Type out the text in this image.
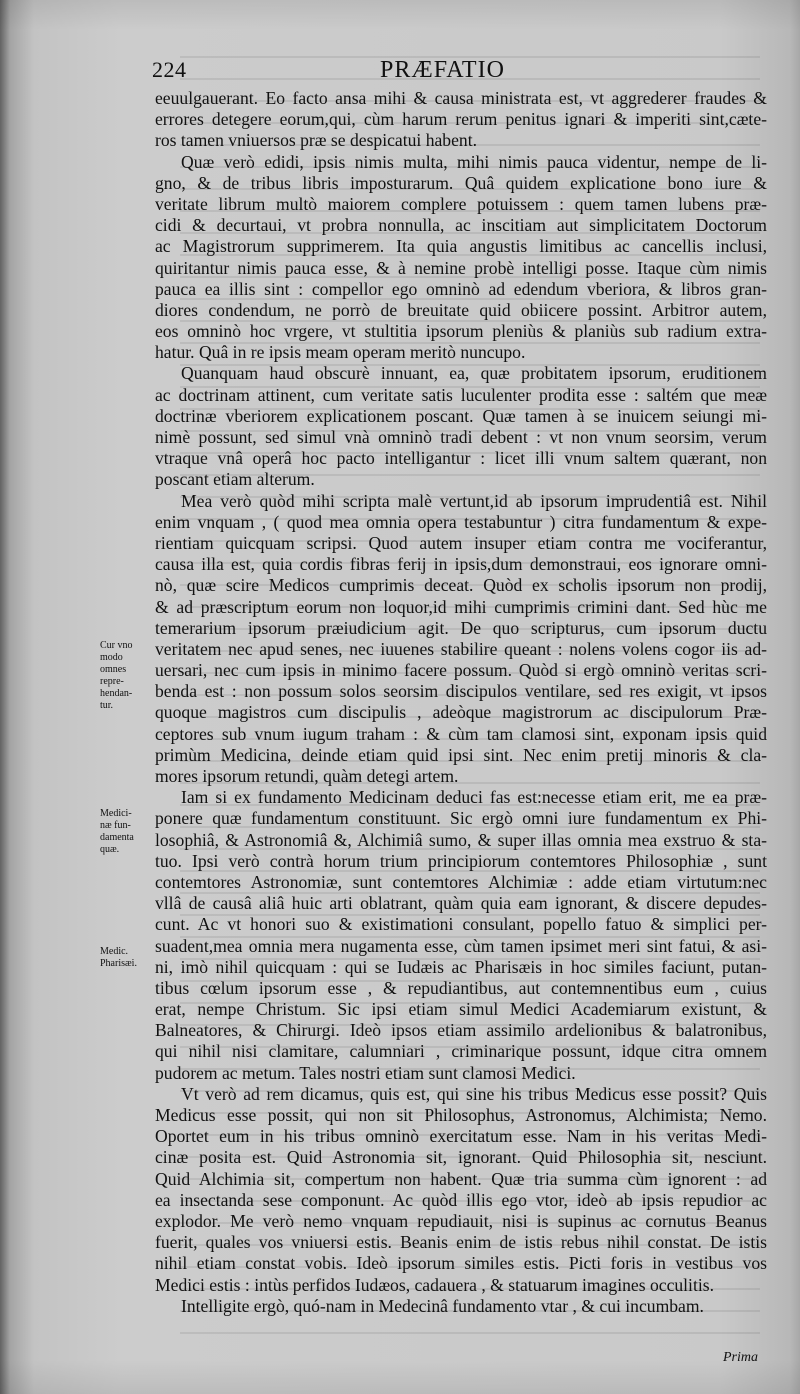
224	PRÆFATIO
eeuulgauerant. Eo facto ansa mihi & causa ministrata est, vt aggrederer fraudes &
errores detegere eorum,qui, cùm harum rerum penitus ignari & imperiti sint,cæte-
ros tamen vniuersos præ se despicatui habent.
Quæ verò edidi, ipsis nimis multa, mihi nimis pauca videntur, nempe de li-
gno, & de tribus libris imposturarum. Quâ quidem explicatione bono iure &
veritate librum multò maiorem complere potuissem : quem tamen lubens præ-
cidi & decurtaui, vt probra nonnulla, ac inscitiam aut simplicitatem Doctorum
ac Magistrorum supprimerem. Ita quia angustis limitibus ac cancellis inclusi,
quiritantur nimis pauca esse, & à nemine probè intelligi posse. Itaque cùm nimis
pauca ea illis sint : compellor ego omninò ad edendum vberiora, & libros gran-
diores condendum, ne porrò de breuitate quid obiicere possint. Arbitror autem,
eos omninò hoc vrgere, vt stultitia ipsorum pleniùs & planiùs sub radium extra-
hatur. Quâ in re ipsis meam operam meritò nuncupo.
Quanquam haud obscurè innuant, ea, quæ probitatem ipsorum, eruditionem
ac doctrinam attinent, cum veritate satis luculenter prodita esse : saltém que meæ
doctrinæ vberiorem explicationem poscant. Quæ tamen à se inuicem seiungi mi-
nimè possunt, sed simul vnà omninò tradi debent : vt non vnum seorsim, verum
vtraque vnâ operâ hoc pacto intelligantur : licet illi vnum saltem quærant, non
poscant etiam alterum.
Mea verò quòd mihi scripta malè vertunt,id ab ipsorum imprudentiâ est. Nihil
enim vnquam , ( quod mea omnia opera testabuntur ) citra fundamentum & expe-
rientiam quicquam scripsi. Quod autem insuper etiam contra me vociferantur,
causa illa est, quia cordis fibras ferij in ipsis,dum demonstraui, eos ignorare omni-
nò, quæ scire Medicos cumprimis deceat. Quòd ex scholis ipsorum non prodij,
& ad præscriptum eorum non loquor,id mihi cumprimis crimini dant. Sed hùc me
temerarium ipsorum præiudicium agit. De quo scripturus, cum ipsorum ductu
veritatem nec apud senes, nec iuuenes stabilire queant : nolens volens cogor iis ad-
uersari, nec cum ipsis in minimo facere possum. Quòd si ergò omninò veritas scri-
benda est : non possum solos seorsim discipulos ventilare, sed res exigit, vt ipsos
quoque magistros cum discipulis , adeòque magistrorum ac discipulorum Præ-
ceptores sub vnum iugum traham : & cùm tam clamosi sint, exponam ipsis quid
primùm Medicina, deinde etiam quid ipsi sint. Nec enim pretij minoris & cla-
mores ipsorum retundi, quàm detegi artem.
Iam si ex fundamento Medicinam deduci fas est:necesse etiam erit, me ea præ-
ponere quæ fundamentum constituunt. Sic ergò omni iure fundamentum ex Phi-
losophiâ, & Astronomiâ &, Alchimiâ sumo, & super illas omnia mea exstruo & sta-
tuo. Ipsi verò contrà horum trium principiorum contemtores Philosophiæ , sunt
contemtores Astronomiæ, sunt contemtores Alchimiæ : adde etiam virtutum:nec
vllâ de causâ aliâ huic arti oblatrant, quàm quia eam ignorant, & discere depudes-
cunt. Ac vt honori suo & existimationi consulant, popello fatuo & simplici per-
suadent,mea omnia mera nugamenta esse, cùm tamen ipsimet meri sint fatui, & asi-
ni, imò nihil quicquam : qui se Iudæis ac Pharisæis in hoc similes faciunt, putan-
tibus cœlum ipsorum esse , & repudiantibus, aut contemnentibus eum , cuius
erat, nempe Christum. Sic ipsi etiam simul Medici Academiarum existunt, &
Balneatores, & Chirurgi. Ideò ipsos etiam assimilo ardelionibus & balatronibus,
qui nihil nisi clamitare, calumniari , criminarique possunt, idque citra omnem
pudorem ac metum. Tales nostri etiam sunt clamosi Medici.
Vt verò ad rem dicamus, quis est, qui sine his tribus Medicus esse possit? Quis
Medicus esse possit, qui non sit Philosophus, Astronomus, Alchimista; Nemo.
Oportet eum in his tribus omninò exercitatum esse. Nam in his veritas Medi-
cinæ posita est. Quid Astronomia sit, ignorant. Quid Philosophia sit, nesciunt.
Quid Alchimia sit, compertum non habent. Quæ tria summa cùm ignorent : ad
ea insectanda sese componunt. Ac quòd illis ego vtor, ideò ab ipsis repudior ac
explodor. Me verò nemo vnquam repudiauit, nisi is supinus ac cornutus Beanus
fuerit, quales vos vniuersi estis. Beanis enim de istis rebus nihil constat. De istis
nihil etiam constat vobis. Ideò ipsorum similes estis. Picti foris in vestibus vos
Medici estis : intùs perfidos Iudæos, cadauera , & statuarum imagines occulitis.
Intelligite ergò, quó-nam in Medecinâ fundamento vtar , & cui incumbam.
Cur vno
modo
omnes
repre-
hendan-
tur.
Medici-
næ fun-
damenta
quæ.
Medic.
Pharisæi.
Prima
